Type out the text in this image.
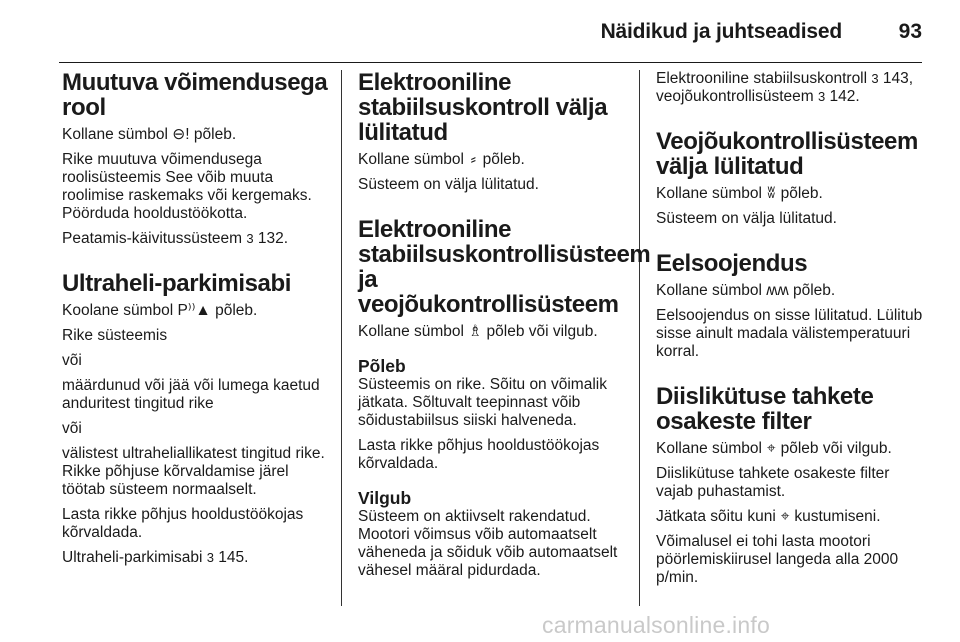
Näidikud ja juhtseadised	93
Muutuva võimendusega rool

Kollane sümbol ⊖! põleb.

Rike muutuva võimendusega roolisüsteemis See võib muuta roolimise raskemaks või kergemaks. Pöörduda hooldustöökotta.

Peatamis-käivitussüsteem 3 132.

Ultraheli-parkimisabi

Koolane sümbol P⁾⁾▲ põleb.

Rike süsteemis

või

määrdunud või jää või lumega kaetud anduritest tingitud rike

või

välistest ultraheliallikatest tingitud rike. Rikke põhjuse kõrvaldamise järel töötab süsteem normaalselt.

Lasta rikke põhjus hooldustöökojas kõrvaldada.

Ultraheli-parkimisabi 3 145.

Elektrooniline stabiilsuskontroll välja lülitatud

Kollane sümbol ⸗ põleb.

Süsteem on välja lülitatud.

Elektrooniline stabiilsuskontrollisüsteem ja veojõukontrollisüsteem

Kollane sümbol ♗ põleb või vilgub.

Põleb

Süsteemis on rike. Sõitu on võimalik jätkata. Sõltuvalt teepinnast võib sõidustabiilsus siiski halveneda.

Lasta rikke põhjus hooldustöökojas kõrvaldada.

Vilgub

Süsteem on aktiivselt rakendatud. Mootori võimsus võib automaatselt väheneda ja sõiduk võib automaatselt vähesel määral pidurdada.

Elektrooniline stabiilsuskontroll 3 143, veojõukontrollisüsteem 3 142.

Veojõukontrollisüsteem välja lülitatud

Kollane sümbol ʬ põleb.

Süsteem on välja lülitatud.

Eelsoojendus

Kollane sümbol ʍʍ põleb.

Eelsoojendus on sisse lülitatud. Lülitub sisse ainult madala välistemperatuuri korral.

Diislikütuse tahkete osakeste filter

Kollane sümbol ⌖ põleb või vilgub.

Diislikütuse tahkete osakeste filter vajab puhastamist.

Jätkata sõitu kuni ⌖ kustumiseni.

Võimalusel ei tohi lasta mootori pöörlemiskiirusel langeda alla 2000 p/min.

carmanualsonline.info
